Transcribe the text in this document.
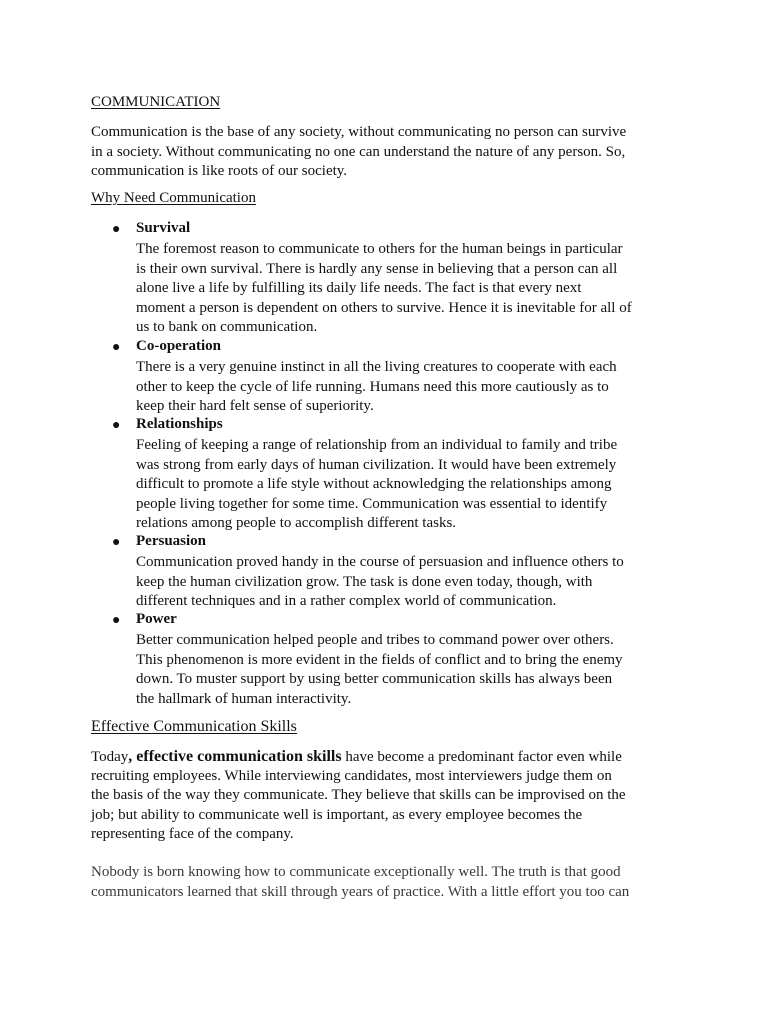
COMMUNICATION
Communication is the base of any society, without communicating no person can survive
in a society. Without communicating no one can understand the nature of any person. So,
communication is like roots of our society.
Why Need Communication
● Survival
The foremost reason to communicate to others for the human beings in particular
is their own survival. There is hardly any sense in believing that a person can all
alone live a life by fulfilling its daily life needs. The fact is that every next
moment a person is dependent on others to survive. Hence it is inevitable for all of
us to bank on communication.
● Co-operation
There is a very genuine instinct in all the living creatures to cooperate with each
other to keep the cycle of life running. Humans need this more cautiously as to
keep their hard felt sense of superiority.
● Relationships
Feeling of keeping a range of relationship from an individual to family and tribe
was strong from early days of human civilization. It would have been extremely
difficult to promote a life style without acknowledging the relationships among
people living together for some time. Communication was essential to identify
relations among people to accomplish different tasks.
● Persuasion
Communication proved handy in the course of persuasion and influence others to
keep the human civilization grow. The task is done even today, though, with
different techniques and in a rather complex world of communication.
● Power
Better communication helped people and tribes to command power over others.
This phenomenon is more evident in the fields of conflict and to bring the enemy
down. To muster support by using better communication skills has always been
the hallmark of human interactivity.
Effective Communication Skills
Today, effective communication skills have become a predominant factor even while
recruiting employees. While interviewing candidates, most interviewers judge them on
the basis of the way they communicate. They believe that skills can be improvised on the
job; but ability to communicate well is important, as every employee becomes the
representing face of the company.
Nobody is born knowing how to communicate exceptionally well. The truth is that good
communicators learned that skill through years of practice. With a little effort you too can
